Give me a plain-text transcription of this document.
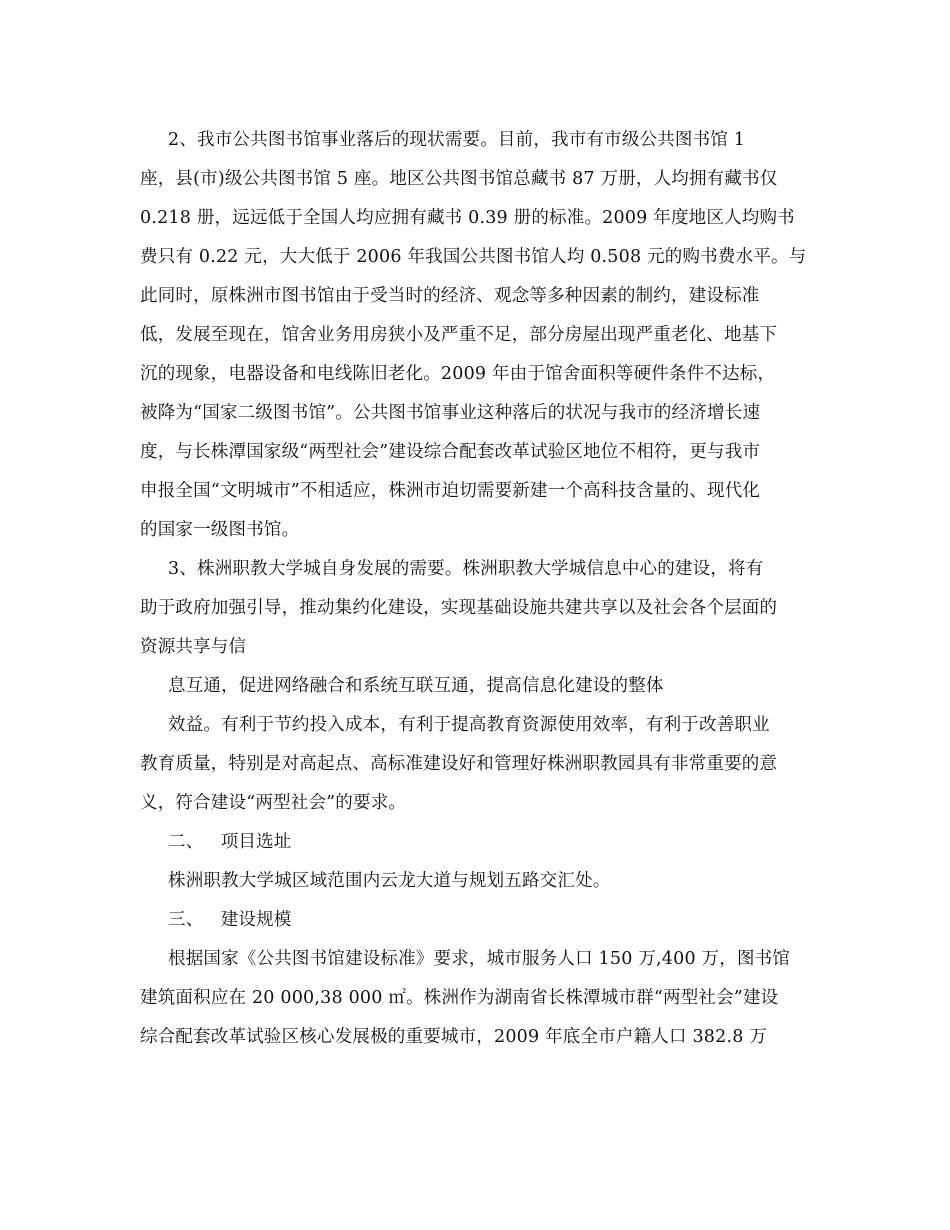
2、我市公共图书馆事业落后的现状需要。目前，我市有市级公共图书馆 1
座，县(市)级公共图书馆 5 座。地区公共图书馆总藏书 87 万册，人均拥有藏书仅
0.218 册，远远低于全国人均应拥有藏书 0.39 册的标准。2009 年度地区人均购书
费只有 0.22 元，大大低于 2006 年我国公共图书馆人均 0.508 元的购书费水平。与
此同时，原株洲市图书馆由于受当时的经济、观念等多种因素的制约，建设标准
低，发展至现在，馆舍业务用房狭小及严重不足，部分房屋出现严重老化、地基下
沉的现象，电器设备和电线陈旧老化。2009 年由于馆舍面积等硬件条件不达标，
被降为“国家二级图书馆”。公共图书馆事业这种落后的状况与我市的经济增长速
度，与长株潭国家级“两型社会”建设综合配套改革试验区地位不相符，更与我市
申报全国“文明城市”不相适应，株洲市迫切需要新建一个高科技含量的、现代化
的国家一级图书馆。
3、株洲职教大学城自身发展的需要。株洲职教大学城信息中心的建设，将有
助于政府加强引导，推动集约化建设，实现基础设施共建共享以及社会各个层面的
资源共享与信
息互通，促进网络融合和系统互联互通，提高信息化建设的整体
效益。有利于节约投入成本，有利于提高教育资源使用效率，有利于改善职业
教育质量，特别是对高起点、高标准建设好和管理好株洲职教园具有非常重要的意
义，符合建设“两型社会”的要求。
二、   项目选址
株洲职教大学城区域范围内云龙大道与规划五路交汇处。
三、   建设规模
根据国家《公共图书馆建设标准》要求，城市服务人口 150 万,400 万，图书馆
建筑面积应在 20 000,38 000 ㎡。株洲作为湖南省长株潭城市群“两型社会”建设
综合配套改革试验区核心发展极的重要城市，2009 年底全市户籍人口 382.8 万
